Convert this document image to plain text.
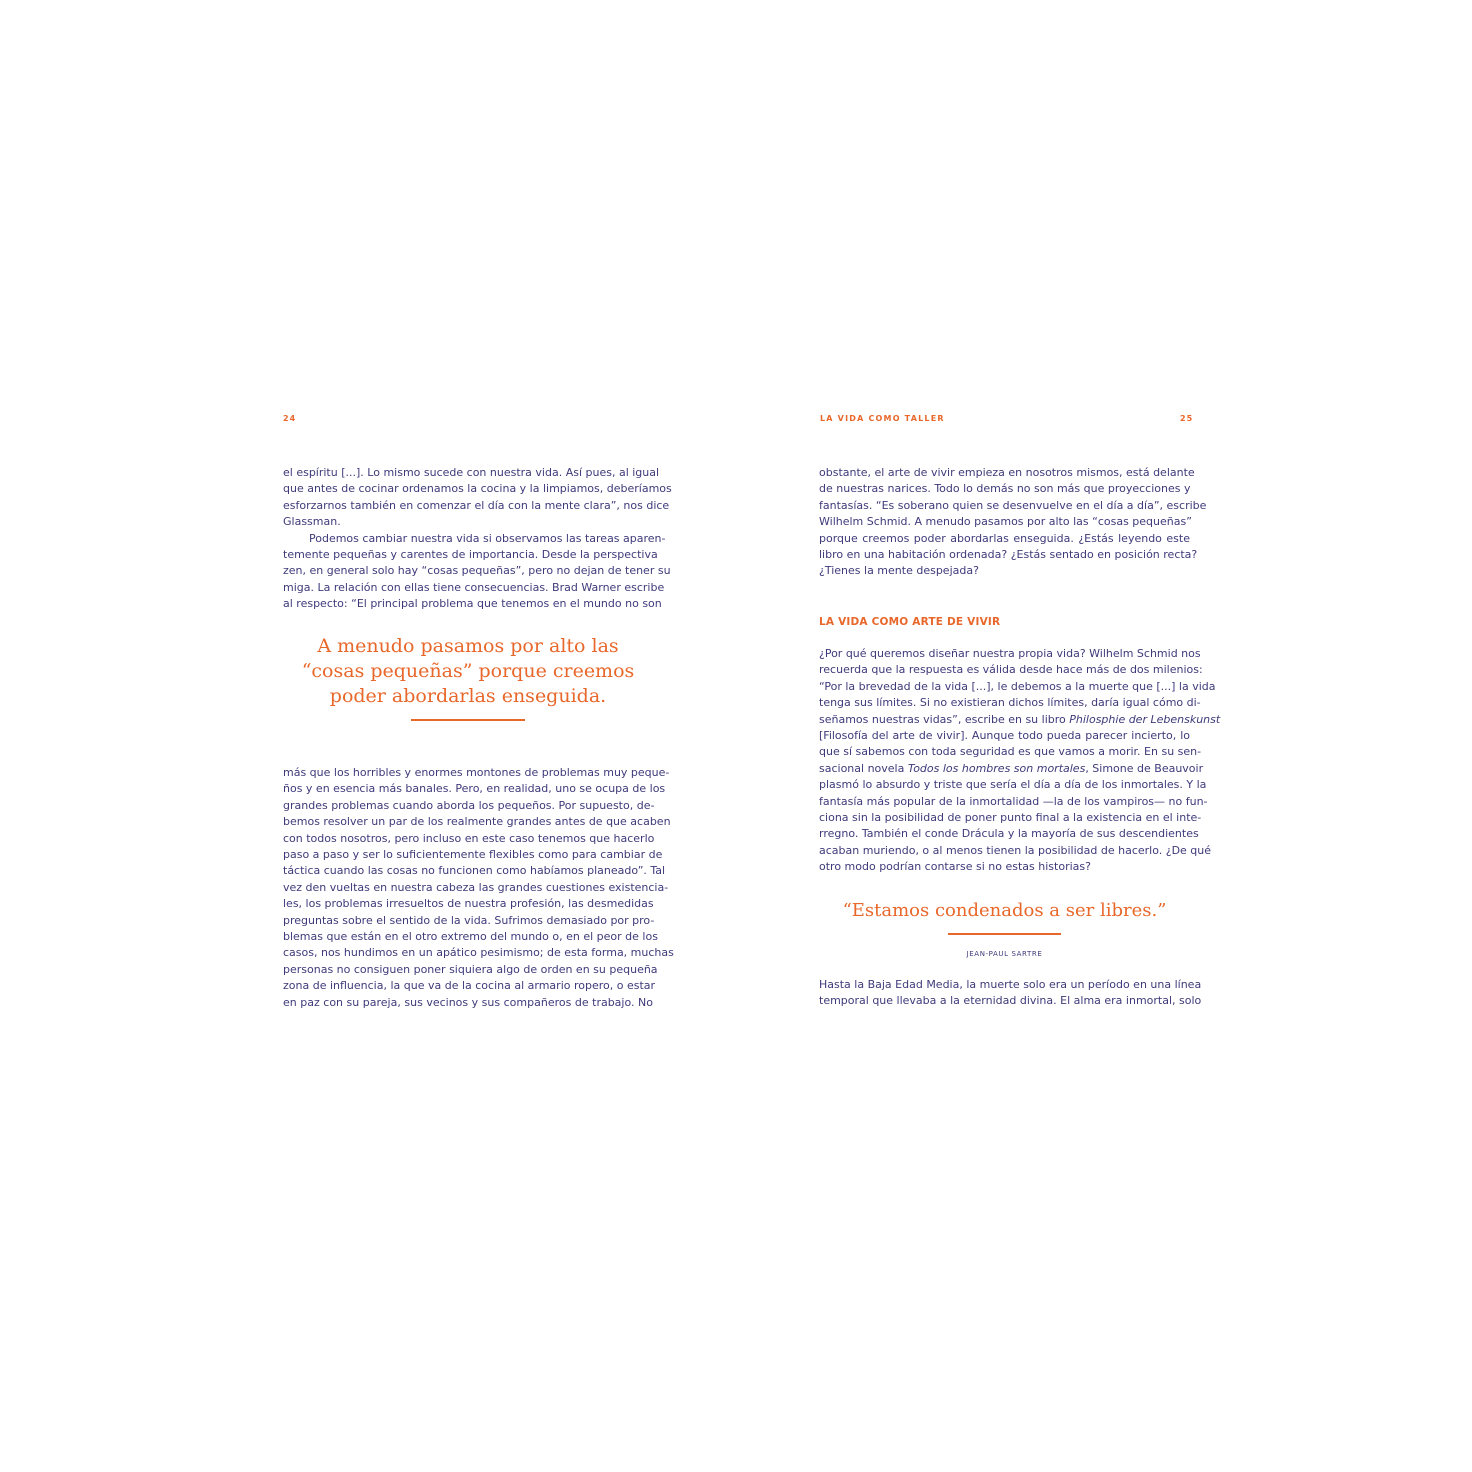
24
el espíritu [...]. Lo mismo sucede con nuestra vida. Así pues, al igual
que antes de cocinar ordenamos la cocina y la limpiamos, deberíamos
esforzarnos también en comenzar el día con la mente clara”, nos dice
Glassman.
Podemos cambiar nuestra vida si observamos las tareas aparen-
temente pequeñas y carentes de importancia. Desde la perspectiva
zen, en general solo hay “cosas pequeñas”, pero no dejan de tener su
miga. La relación con ellas tiene consecuencias. Brad Warner escribe
al respecto: “El principal problema que tenemos en el mundo no son
A menudo pasamos por alto las
“cosas pequeñas” porque creemos
poder abordarlas enseguida.
más que los horribles y enormes montones de problemas muy peque-
ños y en esencia más banales. Pero, en realidad, uno se ocupa de los
grandes problemas cuando aborda los pequeños. Por supuesto, de-
bemos resolver un par de los realmente grandes antes de que acaben
con todos nosotros, pero incluso en este caso tenemos que hacerlo
paso a paso y ser lo suficientemente flexibles como para cambiar de
táctica cuando las cosas no funcionen como habíamos planeado”. Tal
vez den vueltas en nuestra cabeza las grandes cuestiones existencia-
les, los problemas irresueltos de nuestra profesión, las desmedidas
preguntas sobre el sentido de la vida. Sufrimos demasiado por pro-
blemas que están en el otro extremo del mundo o, en el peor de los
casos, nos hundimos en un apático pesimismo; de esta forma, muchas
personas no consiguen poner siquiera algo de orden en su pequeña
zona de influencia, la que va de la cocina al armario ropero, o estar
en paz con su pareja, sus vecinos y sus compañeros de trabajo. No
LA VIDA COMO TALLER	25
obstante, el arte de vivir empieza en nosotros mismos, está delante
de nuestras narices. Todo lo demás no son más que proyecciones y
fantasías. “Es soberano quien se desenvuelve en el día a día”, escribe
Wilhelm Schmid. A menudo pasamos por alto las “cosas pequeñas”
porque creemos poder abordarlas enseguida. ¿Estás leyendo este
libro en una habitación ordenada? ¿Estás sentado en posición recta?
¿Tienes la mente despejada?
LA VIDA COMO ARTE DE VIVIR
¿Por qué queremos diseñar nuestra propia vida? Wilhelm Schmid nos
recuerda que la respuesta es válida desde hace más de dos milenios:
“Por la brevedad de la vida [...], le debemos a la muerte que [...] la vida
tenga sus límites. Si no existieran dichos límites, daría igual cómo di-
señamos nuestras vidas”, escribe en su libro Philosphie der Lebenskunst
[Filosofía del arte de vivir]. Aunque todo pueda parecer incierto, lo
que sí sabemos con toda seguridad es que vamos a morir. En su sen-
sacional novela Todos los hombres son mortales, Simone de Beauvoir
plasmó lo absurdo y triste que sería el día a día de los inmortales. Y la
fantasía más popular de la inmortalidad —la de los vampiros— no fun-
ciona sin la posibilidad de poner punto final a la existencia en el inte-
rregno. También el conde Drácula y la mayoría de sus descendientes
acaban muriendo, o al menos tienen la posibilidad de hacerlo. ¿De qué
otro modo podrían contarse si no estas historias?
“Estamos condenados a ser libres.”
JEAN-PAUL SARTRE
Hasta la Baja Edad Media, la muerte solo era un período en una línea
temporal que llevaba a la eternidad divina. El alma era inmortal, solo
